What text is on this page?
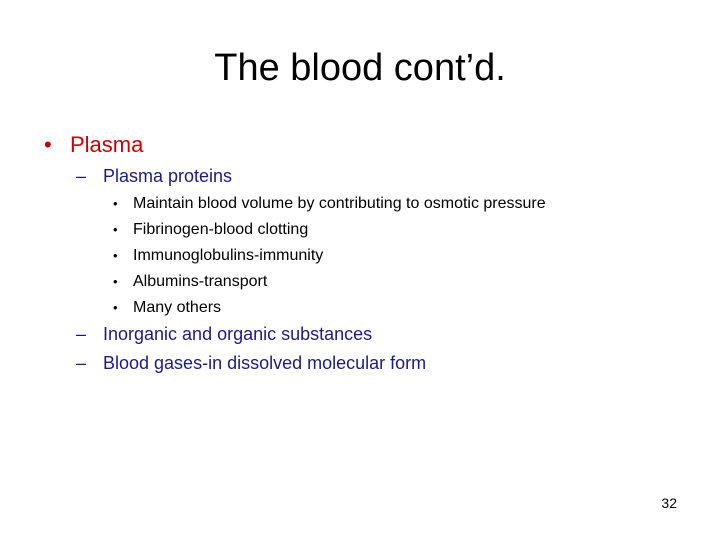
The blood cont’d.
• Plasma
– Plasma proteins
• Maintain blood volume by contributing to osmotic pressure
• Fibrinogen-blood clotting
• Immunoglobulins-immunity
• Albumins-transport
• Many others
– Inorganic and organic substances
– Blood gases-in dissolved molecular form
32
